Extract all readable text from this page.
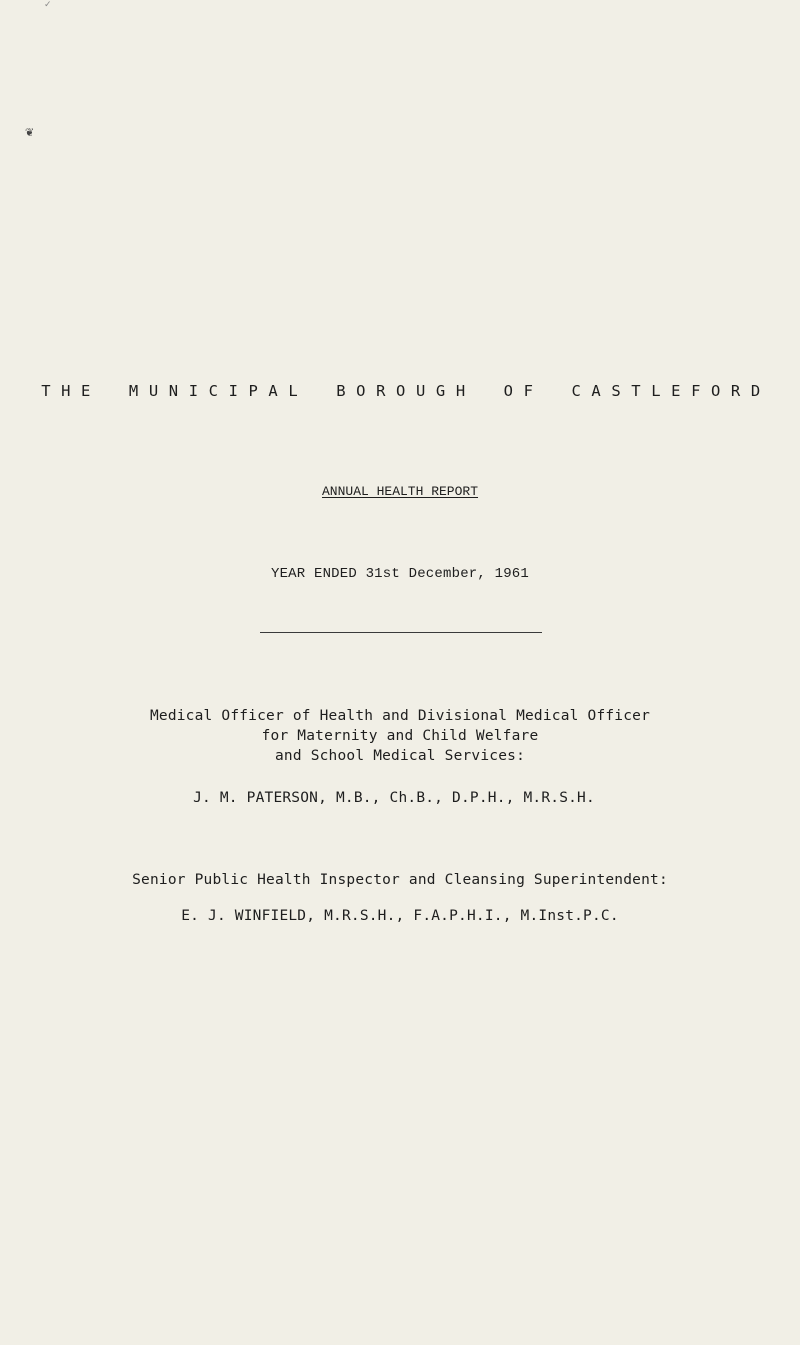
✓
❦
THE MUNICIPAL BOROUGH OF CASTLEFORD
ANNUAL HEALTH REPORT
YEAR ENDED 31st December, 1961
Medical Officer of Health and Divisional Medical Officer
for Maternity and Child Welfare
and School Medical Services:
J. M. PATERSON, M.B., Ch.B., D.P.H., M.R.S.H.
Senior Public Health Inspector and Cleansing Superintendent:
E. J. WINFIELD, M.R.S.H., F.A.P.H.I., M.Inst.P.C.
